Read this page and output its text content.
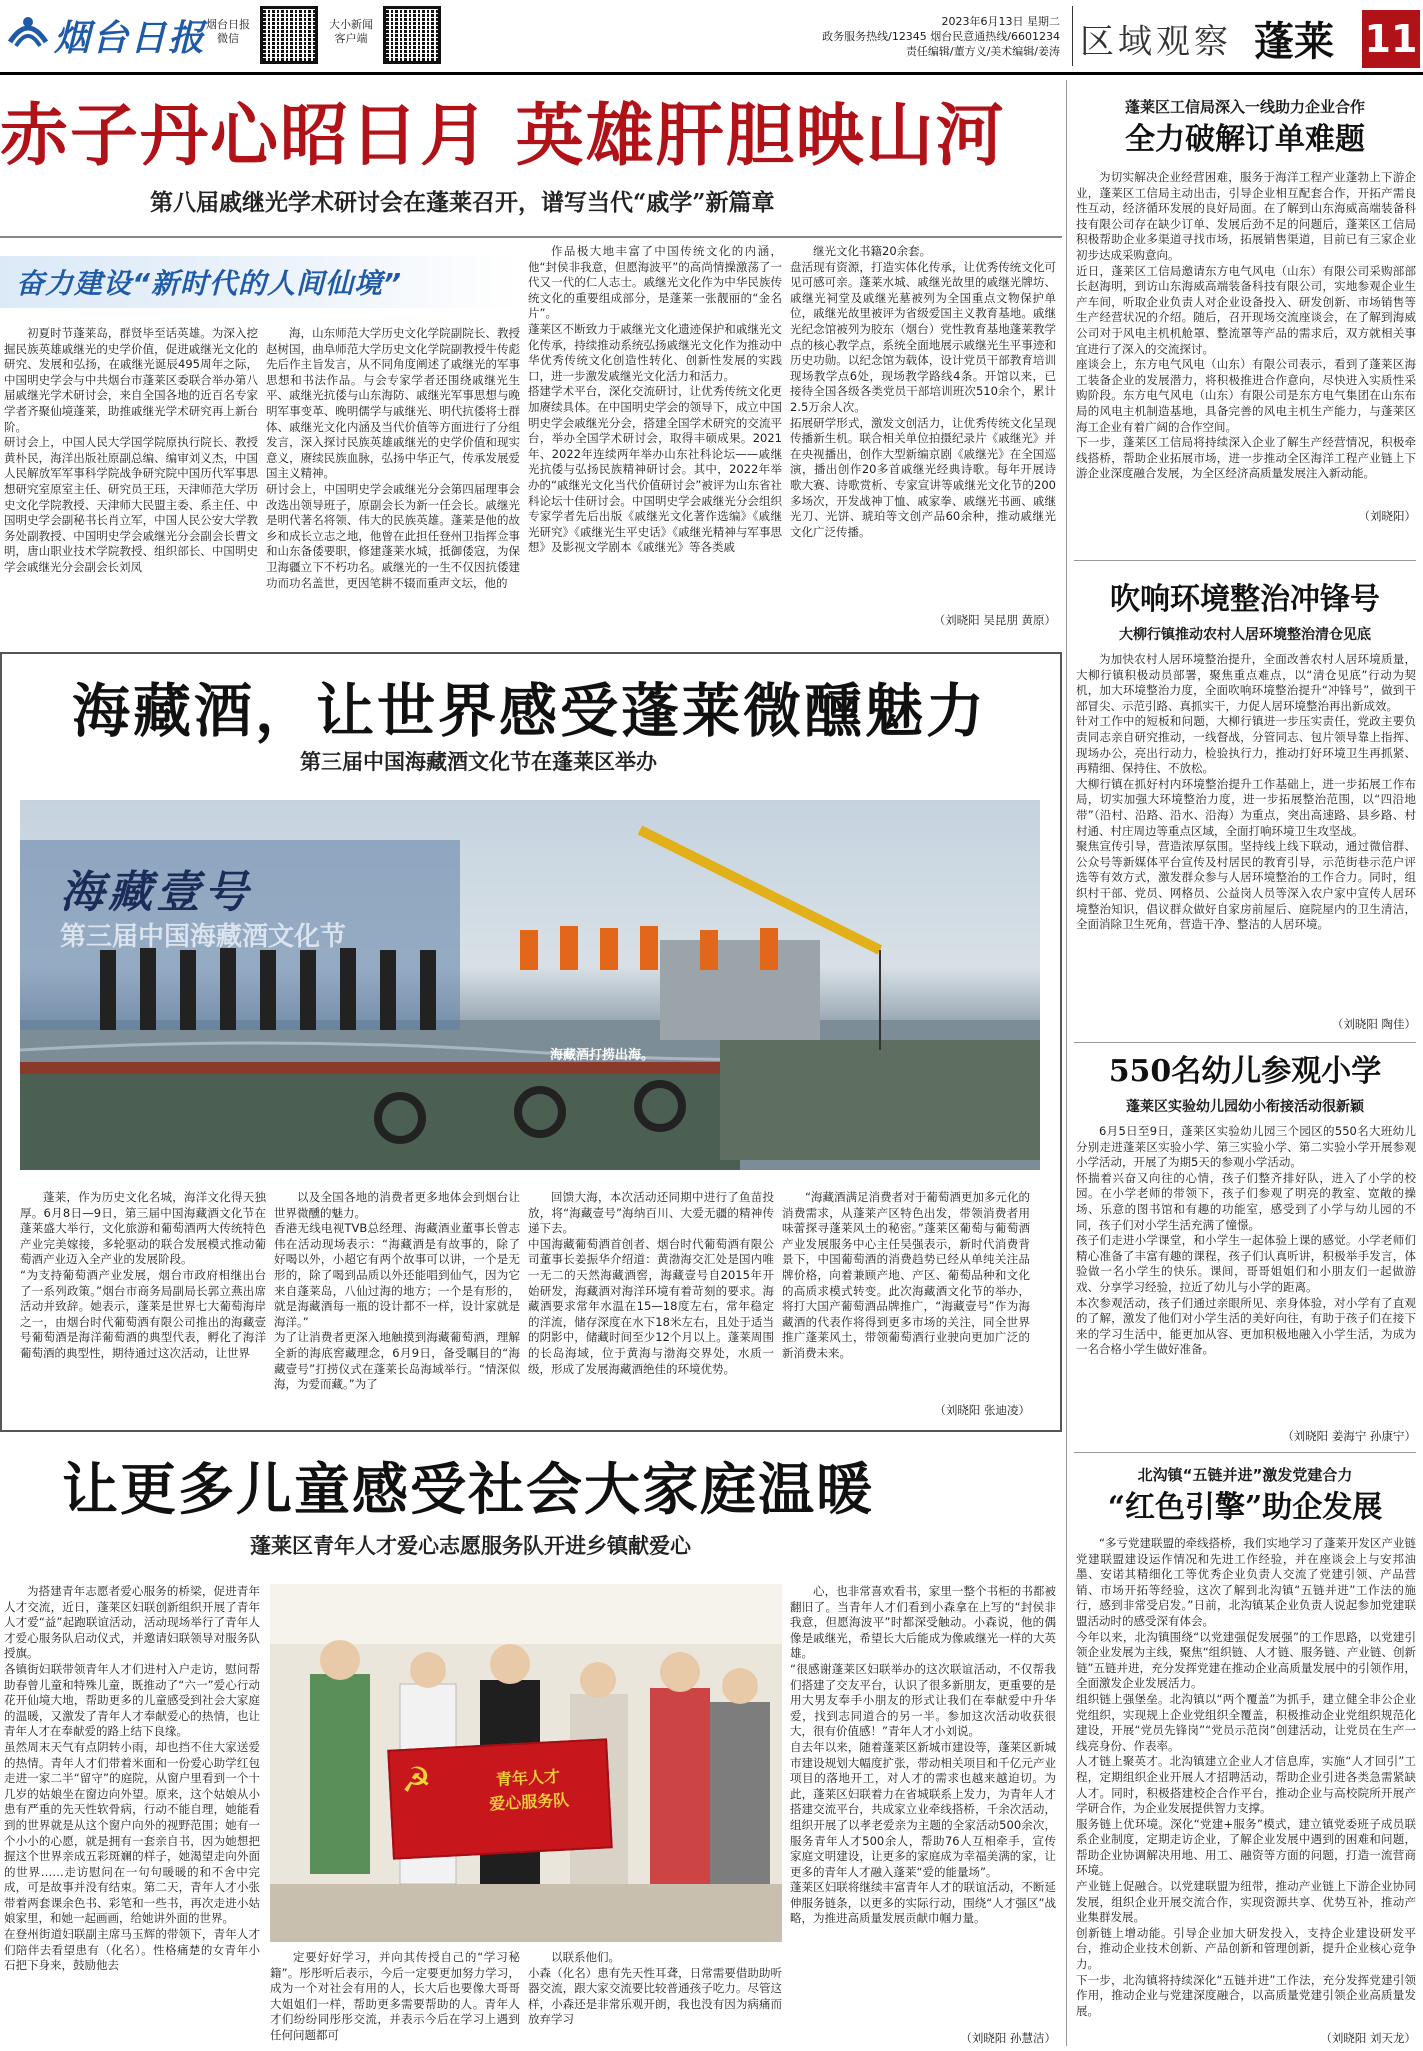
烟台日报 烟台日报
微信
大小新闻
客户端
2023年6月13日 星期二
政务服务热线/12345 烟台民意通热线/6601234
责任编辑/董方义/美术编辑/姜涛 区域观察 蓬莱 11
赤子丹心昭日月 英雄肝胆映山河
第八届戚继光学术研讨会在蓬莱召开，谱写当代“戚学”新篇章
奋力建设“新时代的人间仙境”
初夏时节蓬莱岛，群贤毕至话英雄。为深入挖掘民族英雄戚继光的史学价值，促进戚继光文化的研究、发展和弘扬，在戚继光诞辰495周年之际，中国明史学会与中共烟台市蓬莱区委联合举办第八届戚继光学术研讨会，来自全国各地的近百名专家学者齐聚仙境蓬莱，助推戚继光学术研究再上新台阶。
研讨会上，中国人民大学国学院原执行院长、教授黄朴民，海洋出版社原副总编、编审刘义杰，中国人民解放军军事科学院战争研究院中国历代军事思想研究室原室主任、研究员王珏，天津师范大学历史文化学院教授、天津师大民盟主委、系主任、中国明史学会副秘书长肖立军，中国人民公安大学教务处副教授、中国明史学会戚继光分会副会长曹文明，唐山职业技术学院教授、组织部长、中国明史学会戚继光分会副会长刘凤
海，山东师范大学历史文化学院副院长、教授赵树国，曲阜师范大学历史文化学院副教授牛传彪先后作主旨发言，从不同角度阐述了戚继光的军事思想和书法作品。与会专家学者还围绕戚继光生平、戚继光抗倭与山东海防、戚继光军事思想与晚明军事变革、晚明儒学与戚继光、明代抗倭将士群体、戚继光文化内涵及当代价值等方面进行了分组发言，深入探讨民族英雄戚继光的史学价值和现实意义，赓续民族血脉，弘扬中华正气，传承发展爱国主义精神。
研讨会上，中国明史学会戚继光分会第四届理事会改选出领导班子，原副会长为新一任会长。戚继光是明代著名将领、伟大的民族英雄。蓬莱是他的故乡和成长立志之地，他曾在此担任登州卫指挥佥事和山东备倭要职，修建蓬莱水城，抵御倭寇，为保卫海疆立下不朽功名。戚继光的一生不仅因抗倭建功而功名盖世，更因笔耕不辍而重声文坛，他的
作品极大地丰富了中国传统文化的内涵，他“封侯非我意，但愿海波平”的高尚情操激荡了一代又一代的仁人志士。戚继光文化作为中华民族传统文化的重要组成部分，是蓬莱一张靓丽的“金名片”。
蓬莱区不断致力于戚继光文化遗迹保护和戚继光文化传承，持续推动系统弘扬戚继光文化作为推动中华优秀传统文化创造性转化、创新性发展的实践口，进一步激发戚继光文化活力和活力。
搭建学术平台，深化交流研讨，让优秀传统文化更加赓续具体。在中国明史学会的领导下，成立中国明史学会戚继光分会，搭建全国学术研究的交流平台，举办全国学术研讨会，取得丰硕成果。2021年、2022年连续两年举办山东社科论坛——戚继光抗倭与弘扬民族精神研讨会。其中，2022年举办的“戚继光文化当代价值研讨会”被评为山东省社科论坛十佳研讨会。中国明史学会戚继光分会组织专家学者先后出版《戚继光文化著作选编》《戚继光研究》《戚继光生平史话》《戚继光精神与军事思想》及影视文学剧本《戚继光》等各类戚
继光文化书籍20余套。
盘活现有资源，打造实体化传承，让优秀传统文化可见可感可亲。蓬莱水城、戚继光故里的戚继光牌坊、戚继光祠堂及戚继光墓被列为全国重点文物保护单位，戚继光故里被评为省级爱国主义教育基地。戚继光纪念馆被列为胶东（烟台）党性教育基地蓬莱教学点的核心教学点，系统全面地展示戚继光生平事迹和历史功勋。以纪念馆为载体，设计党员干部教育培训现场教学点6处，现场教学路线4条。开馆以来，已接待全国各级各类党员干部培训班次510余个，累计2.5万余人次。
拓展研学形式，激发文创活力，让优秀传统文化呈现传播新生机。联合相关单位拍摄纪录片《戚继光》并在央视播出，创作大型新编京剧《戚继光》在全国巡演，播出创作20多首戚继光经典诗歌。每年开展诗歌大赛、诗歌赏析、专家宣讲等戚继光文化节的200多场次，开发战神丁恤、戚家拳、戚继光书画、戚继光刀、光饼、琥珀等文创产品60余种，推动戚继光文化广泛传播。
（刘晓阳 吴昆朋 黄原）
海藏酒，让世界感受蓬莱微醺魅力
第三届中国海藏酒文化节在蓬莱区举办
海藏壹号
第三届中国海藏酒文化节
海藏酒打捞出海。
蓬莱，作为历史文化名城，海洋文化得天独厚。6月8日—9日，第三届中国海藏酒文化节在蓬莱盛大举行，文化旅游和葡萄酒两大传统特色产业完美嫁接，多轮驱动的联合发展模式推动葡萄酒产业迈入全产业的发展阶段。
“为支持葡萄酒产业发展，烟台市政府相继出台了一系列政策。”烟台市商务局副局长郭立燕出席活动并致辞。她表示，蓬莱是世界七大葡萄海岸之一，由烟台时代葡萄酒有限公司推出的海藏壹号葡萄酒是海洋葡萄酒的典型代表，孵化了海洋葡萄酒的典型性，期待通过这次活动，让世界
以及全国各地的消费者更多地体会到烟台让世界微醺的魅力。
香港无线电视TVB总经理、海藏酒业董事长曾志伟在活动现场表示：“海藏酒是有故事的，除了好喝以外，小超它有两个故事可以讲，一个是无形的，除了喝到品质以外还能唱到仙气，因为它来自蓬莱岛，八仙过海的地方；一个是有形的，就是海藏酒每一瓶的设计都不一样，设计家就是海洋。”
为了让消费者更深入地触摸到海藏葡萄酒，理解全新的海底窖藏理念，6月9日，备受瞩目的“海藏壹号”打捞仪式在蓬莱长岛海域举行。“情深似海，为爱而藏。”为了
回馈大海，本次活动还同期中进行了鱼苗投放，将“海藏壹号”海纳百川、大爱无疆的精神传递下去。
中国海藏葡萄酒首创者、烟台时代葡萄酒有限公司董事长姜振华介绍道：黄渤海交汇处是国内唯一无二的天然海藏酒窖，海藏壹号自2015年开始研发，海藏酒对海洋环境有着苛刻的要求。海藏酒要求常年水温在15—18度左右，常年稳定的洋流，储存深度在水下18米左右，且处于适当的阴影中，储藏时间至少12个月以上。蓬莱周围的长岛海域，位于黄海与渤海交界处，水质一级，形成了发展海藏酒绝佳的环境优势。
“海藏酒满足消费者对于葡萄酒更加多元化的消费需求，从蓬莱产区特色出发，带领消费者用味蕾探寻蓬莱风土的秘密。”蓬莱区葡萄与葡萄酒产业发展服务中心主任吴强表示，新时代消费背景下，中国葡萄酒的消费趋势已经从单纯关注品牌价格，向着兼顾产地、产区、葡萄品种和文化的高质求模式转变。此次海藏酒文化节的举办，将打大国产葡萄酒品牌推广，“海藏壹号”作为海藏酒的代表作将得到更多市场的关注，同全世界推广蓬莱风土，带领葡萄酒行业驶向更加广泛的新消费未来。
（刘晓阳 张迪凌）
让更多儿童感受社会大家庭温暖
蓬莱区青年人才爱心志愿服务队开进乡镇献爱心
为搭建青年志愿者爱心服务的桥梁，促进青年人才交流，近日，蓬莱区妇联创新组织开展了青年人才爱“益”起跑联谊活动，活动现场举行了青年人才爱心服务队启动仪式，并邀请妇联领导对服务队授旗。
各镇街妇联带领青年人才们进村入户走访，慰问帮助春曾儿童和特殊儿童，既推动了“六一”爱心行动花开仙境大地，帮助更多的儿童感受到社会大家庭的温暖，又激发了青年人才奉献爱心的热情，也让青年人才在奉献爱的路上结下良缘。
虽然周末天气有点阴转小雨，却也挡不住大家送爱的热情。青年人才们带着米面和一份爱心助学红包走进一家二半“留守”的庭院，从窗户里看到一个十几岁的姑娘坐在窗边向外望。原来，这个姑娘从小患有严重的先天性软骨病，行动不能自理，她能看到的世界就是从这个窗户向外的视野范围；她有一个小小的心愿，就是拥有一套亲自书，因为她想把握这个世界亲成五彩斑斓的样子，她渴望走向外面的世界……走访慰问在一句句暖暖的和不舍中完成，可是故事并没有结束。第二天，青年人才小张带着两套课余色书、彩笔和一些书，再次走进小姑娘家里，和她一起画画，给她讲外面的世界。
在登州街道妇联副主席马玉辉的带领下，青年人才们陪伴去看望患有（化名）。性格痛楚的女青年小石把下身来，鼓励他去
☭	青年人才
爱心服务队
定要好好学习，并向其传授自己的“学习秘籍”。彤彤听后表示，今后一定要更加努力学习，成为一个对社会有用的人，长大后也要像大哥哥大姐姐们一样，帮助更多需要帮助的人。青年人才们纷纷同彤彤交流，并表示今后在学习上遇到任何问题都可
以联系他们。
小森（化名）患有先天性耳聋，日常需要借助助听器交流，跟大家交流要比较普通孩子吃力。尽管这样，小森还是非常乐观开朗，我也没有因为病痛而放弃学习
心，也非常喜欢看书，家里一整个书柜的书都被翻旧了。当青年人才们看到小森拿在上写的“封侯非我意，但愿海波平”时都深受触动。小森说，他的偶像是戚继光，希望长大后能成为像戚继光一样的大英雄。
“很感谢蓬莱区妇联举办的这次联谊活动，不仅帮我们搭建了交友平台，认识了很多新朋友，更重要的是用大男友奉手小朋友的形式让我们在奉献爱中升华爱，找到志同道合的另一半。参加这次活动收获很大，很有价值感！”青年人才小刘说。
自去年以来，随着蓬莱区新城市建设等，蓬莱区新城市建设规划大幅度扩张，带动相关项目和千亿元产业项目的落地开工，对人才的需求也越来越迫切。为此，蓬莱区妇联着力在省城联系上发力，为青年人才搭建交流平台，共成家立业牵线搭桥，千余次活动，组织开展了以孝老爱亲为主题的全家活动500余次，服务青年人才500余人，帮助76人互相牵手，宣传家庭文明建设，让更多的家庭成为幸福美满的家，让更多的青年人才融入蓬莱“爱的能量场”。
蓬莱区妇联将继续丰富青年人才的联谊活动，不断延伸服务链条，以更多的实际行动，围绕“人才强区”战略，为推进高质量发展贡献巾帼力量。
（刘晓阳 孙慧洁）
蓬莱区工信局深入一线助力企业合作
全力破解订单难题
为切实解决企业经营困难，服务于海洋工程产业蓬勃上下游企业，蓬莱区工信局主动出击，引导企业相互配套合作，开拓产需良性互动，经济循环发展的良好局面。在了解到山东海威高端装备科技有限公司存在缺少订单、发展后劲不足的问题后，蓬莱区工信局积极帮助企业多渠道寻找市场，拓展销售渠道，目前已有三家企业初步达成采购意向。
近日，蓬莱区工信局邀请东方电气风电（山东）有限公司采购部部长赵海明，到访山东海威高端装备科技有限公司，实地参观企业生产车间，听取企业负责人对企业设备投入、研发创新、市场销售等生产经营状况的介绍。随后，召开现场交流座谈会，在了解到海威公司对于风电主机机舱罩、整流罩等产品的需求后，双方就相关事宜进行了深入的交流探讨。
座谈会上，东方电气风电（山东）有限公司表示，看到了蓬莱区海工装备企业的发展潜力，将积极推进合作意向，尽快进入实质性采购阶段。东方电气风电（山东）有限公司是东方电气集团在山东布局的风电主机制造基地，具备完善的风电主机生产能力，与蓬莱区海工企业有着广阔的合作空间。
下一步，蓬莱区工信局将持续深入企业了解生产经营情况，积极牵线搭桥，帮助企业拓展市场，进一步推动全区海洋工程产业链上下游企业深度融合发展，为全区经济高质量发展注入新动能。
（刘晓阳）
吹响环境整治冲锋号
大柳行镇推动农村人居环境整治清仓见底
为加快农村人居环境整治提升，全面改善农村人居环境质量，大柳行镇积极动员部署，聚焦重点难点，以“清仓见底”行动为契机，加大环境整治力度，全面吹响环境整治提升“冲锋号”，做到干部冒尖、示范引路、真抓实干，力促人居环境整治再出新成效。
针对工作中的短板和问题，大柳行镇进一步压实责任，党政主要负责同志亲自研究推动，一线督战，分管同志、包片领导靠上指挥、现场办公，亮出行动力，检验执行力，推动打好环境卫生再抓紧、再精细、保持住、不放松。
大柳行镇在抓好村内环境整治提升工作基础上，进一步拓展工作布局，切实加强大环境整治力度，进一步拓展整治范围，以“四沿地带”（沿村、沿路、沿水、沿海）为重点，突出高速路、县乡路、村村通、村庄周边等重点区域，全面打响环境卫生攻坚战。
聚焦宣传引导，营造浓厚氛围。坚持线上线下联动，通过微信群、公众号等新媒体平台宣传及村居民的教育引导，示范街巷示范户评选等有效方式，激发群众参与人居环境整治的工作合力。同时，组织村干部、党员、网格员、公益岗人员等深入农户家中宣传人居环境整治知识，倡议群众做好自家房前屋后、庭院屋内的卫生清洁，全面消除卫生死角，营造干净、整洁的人居环境。
（刘晓阳 陶佳）
550名幼儿参观小学
蓬莱区实验幼儿园幼小衔接活动很新颖
6月5日至9日，蓬莱区实验幼儿园三个园区的550名大班幼儿分别走进蓬莱区实验小学、第三实验小学、第二实验小学开展参观小学活动，开展了为期5天的参观小学活动。
怀揣着兴奋又向往的心情，孩子们整齐排好队，进入了小学的校园。在小学老师的带领下，孩子们参观了明亮的教室、宽敞的操场、乐意的图书馆和有趣的功能室，感受到了小学与幼儿园的不同，孩子们对小学生活充满了憧憬。
孩子们走进小学课堂，和小学生一起体验上课的感觉。小学老师们精心准备了丰富有趣的课程，孩子们认真听讲，积极举手发言，体验做一名小学生的快乐。课间，哥哥姐姐们和小朋友们一起做游戏、分享学习经验，拉近了幼儿与小学的距离。
本次参观活动，孩子们通过亲眼所见、亲身体验，对小学有了直观的了解，激发了他们对小学生活的美好向往，有助于孩子们在接下来的学习生活中，能更加从容、更加积极地融入小学生活，为成为一名合格小学生做好准备。
（刘晓阳 姜海宁 孙康宁）
北沟镇“五链并进”激发党建合力
“红色引擎”助企发展
“多亏党建联盟的牵线搭桥，我们实地学习了蓬莱开发区产业链党建联盟建设运作情况和先进工作经验，并在座谈会上与安邦油墨、安诺其精细化工等优秀企业负责人交流了党建引领、产品营销、市场开拓等经验，这次了解到北沟镇“五链并进”工作法的施行，感到非常受启发。”日前，北沟镇某企业负责人说起参加党建联盟活动时的感受深有体会。
今年以来，北沟镇围绕“以党建强促发展强”的工作思路，以党建引领企业发展为主线，聚焦“组织链、人才链、服务链、产业链、创新链”五链并进，充分发挥党建在推动企业高质量发展中的引领作用，全面激发企业发展活力。
组织链上强堡垒。北沟镇以“两个覆盖”为抓手，建立健全非公企业党组织，实现规上企业党组织全覆盖，积极推动企业党组织规范化建设，开展“党员先锋岗”“党员示范岗”创建活动，让党员在生产一线亮身份、作表率。
人才链上聚英才。北沟镇建立企业人才信息库，实施“人才回引”工程，定期组织企业开展人才招聘活动，帮助企业引进各类急需紧缺人才。同时，积极搭建校企合作平台，推动企业与高校院所开展产学研合作，为企业发展提供智力支撑。
服务链上优环境。深化“党建+服务”模式，建立镇党委班子成员联系企业制度，定期走访企业，了解企业发展中遇到的困难和问题，帮助企业协调解决用地、用工、融资等方面的问题，打造一流营商环境。
产业链上促融合。以党建联盟为纽带，推动产业链上下游企业协同发展，组织企业开展交流合作，实现资源共享、优势互补，推动产业集群发展。
创新链上增动能。引导企业加大研发投入，支持企业建设研发平台，推动企业技术创新、产品创新和管理创新，提升企业核心竞争力。
下一步，北沟镇将持续深化“五链并进”工作法，充分发挥党建引领作用，推动企业与党建深度融合，以高质量党建引领企业高质量发展。
（刘晓阳 刘天龙）
